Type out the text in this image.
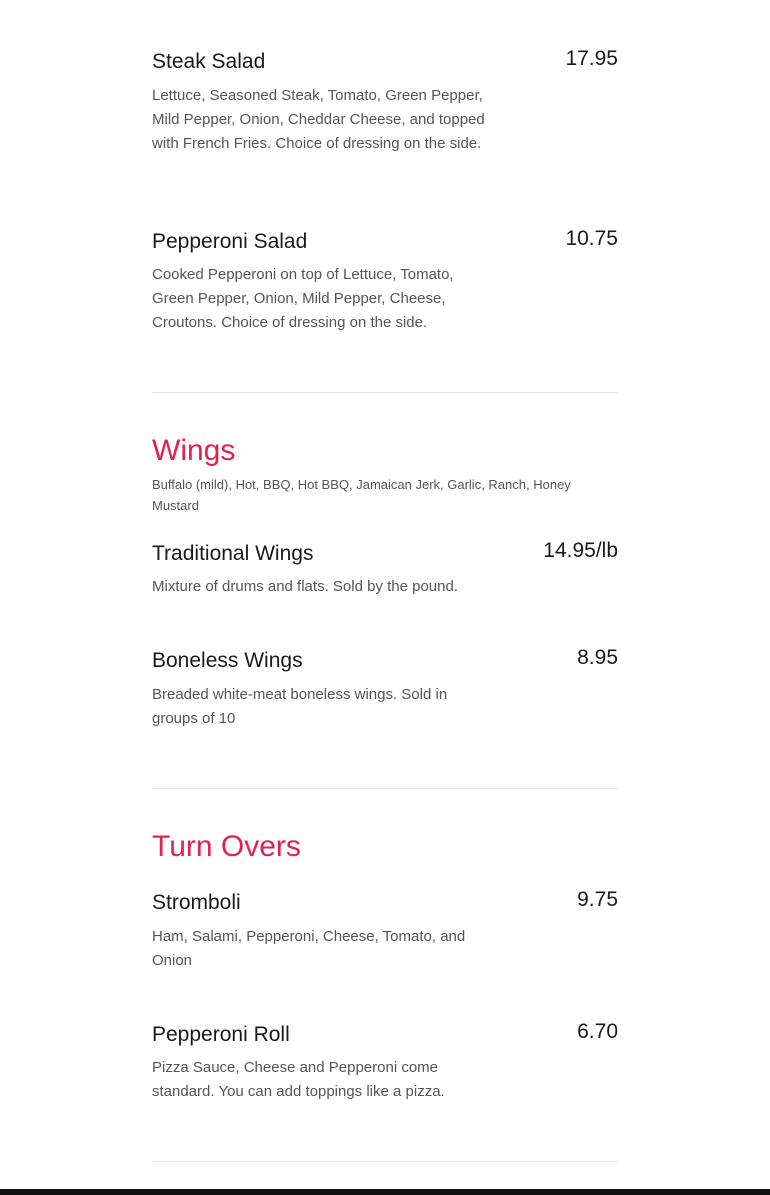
Steak Salad	17.95
Lettuce, Seasoned Steak, Tomato, Green Pepper, Mild Pepper, Onion, Cheddar Cheese, and topped with French Fries. Choice of dressing on the side.
Pepperoni Salad	10.75
Cooked Pepperoni on top of Lettuce, Tomato, Green Pepper, Onion, Mild Pepper, Cheese, Croutons. Choice of dressing on the side.
Wings
Buffalo (mild), Hot, BBQ, Hot BBQ, Jamaican Jerk, Garlic, Ranch, Honey Mustard
Traditional Wings	14.95/lb
Mixture of drums and flats. Sold by the pound.
Boneless Wings	8.95
Breaded white-meat boneless wings. Sold in groups of 10
Turn Overs
Stromboli	9.75
Ham, Salami, Pepperoni, Cheese, Tomato, and Onion
Pepperoni Roll	6.70
Pizza Sauce, Cheese and Pepperoni come standard. You can add toppings like a pizza.
